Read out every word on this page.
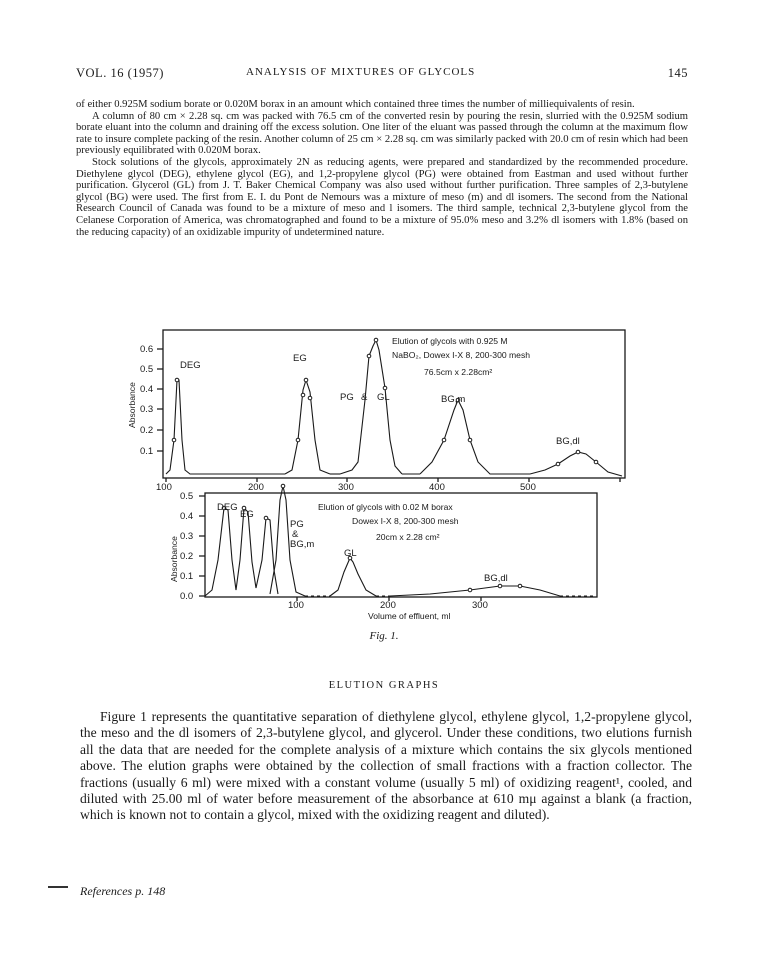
VOL. 16 (1957)	ANALYSIS OF MIXTURES OF GLYCOLS	145

of either 0.925M sodium borate or 0.020M borax in an amount which contained three times the number of milliequivalents of resin.

A column of 80 cm × 2.28 sq. cm was packed with 76.5 cm of the converted resin by pouring the resin, slurried with the 0.925M sodium borate eluant into the column and draining off the excess solution. One liter of the eluant was passed through the column at the maximum flow rate to insure complete packing of the resin. Another column of 25 cm × 2.28 sq. cm was similarly packed with 20.0 cm of resin which had been previously equilibrated with 0.020M borax.

Stock solutions of the glycols, approximately 2N as reducing agents, were prepared and standardized by the recommended procedure. Diethylene glycol (DEG), ethylene glycol (EG), and 1,2-propylene glycol (PG) were obtained from Eastman and used without further purification. Glycerol (GL) from J. T. Baker Chemical Company was also used without further purification. Three samples of 2,3-butylene glycol (BG) were used. The first from E. I. du Pont de Nemours was a mixture of meso (m) and dl isomers. The second from the National Research Council of Canada was found to be a mixture of meso and l isomers. The third sample, technical 2,3-butylene glycol from the Celanese Corporation of America, was chromatographed and found to be a mixture of 95.0% meso and 3.2% dl isomers with 1.8% (based on the reducing capacity) of an oxidizable impurity of undetermined nature.

Elution of glycols with 0.925 M
NaBO₂, Dowex I-X 8, 200-300 mesh
76.5cm x 2.28cm²
DEG
EG
PG & GL	BG,m
BG,dl
0.6
0.5
0.4
0.3
0.2
0.1
Absorbance
100	200	300	400	500
Elution of glycols with 0.02 M borax
Dowex I-X 8, 200-300 mesh
20cm x 2.28 cm²
DEG
EG
PG
&
BG,m
GL
BG,dl
0.5
0.4
0.3
0.2
0.1
0.0
Absorbance
100	200	300
Volume of effluent, ml
Fig. 1.
ELUTION GRAPHS

Figure 1 represents the quantitative separation of diethylene glycol, ethylene glycol, 1,2-propylene glycol, the meso and the dl isomers of 2,3-butylene glycol, and glycerol. Under these conditions, two elutions furnish all the data that are needed for the complete analysis of a mixture which contains the six glycols mentioned above. The elution graphs were obtained by the collection of small fractions with a fraction collector. The fractions (usually 6 ml) were mixed with a constant volume (usually 5 ml) of oxidizing reagent¹, cooled, and diluted with 25.00 ml of water before measurement of the absorbance at 610 mμ against a blank (a fraction, which is known not to contain a glycol, mixed with the oxidizing reagent and diluted).

References p. 148
